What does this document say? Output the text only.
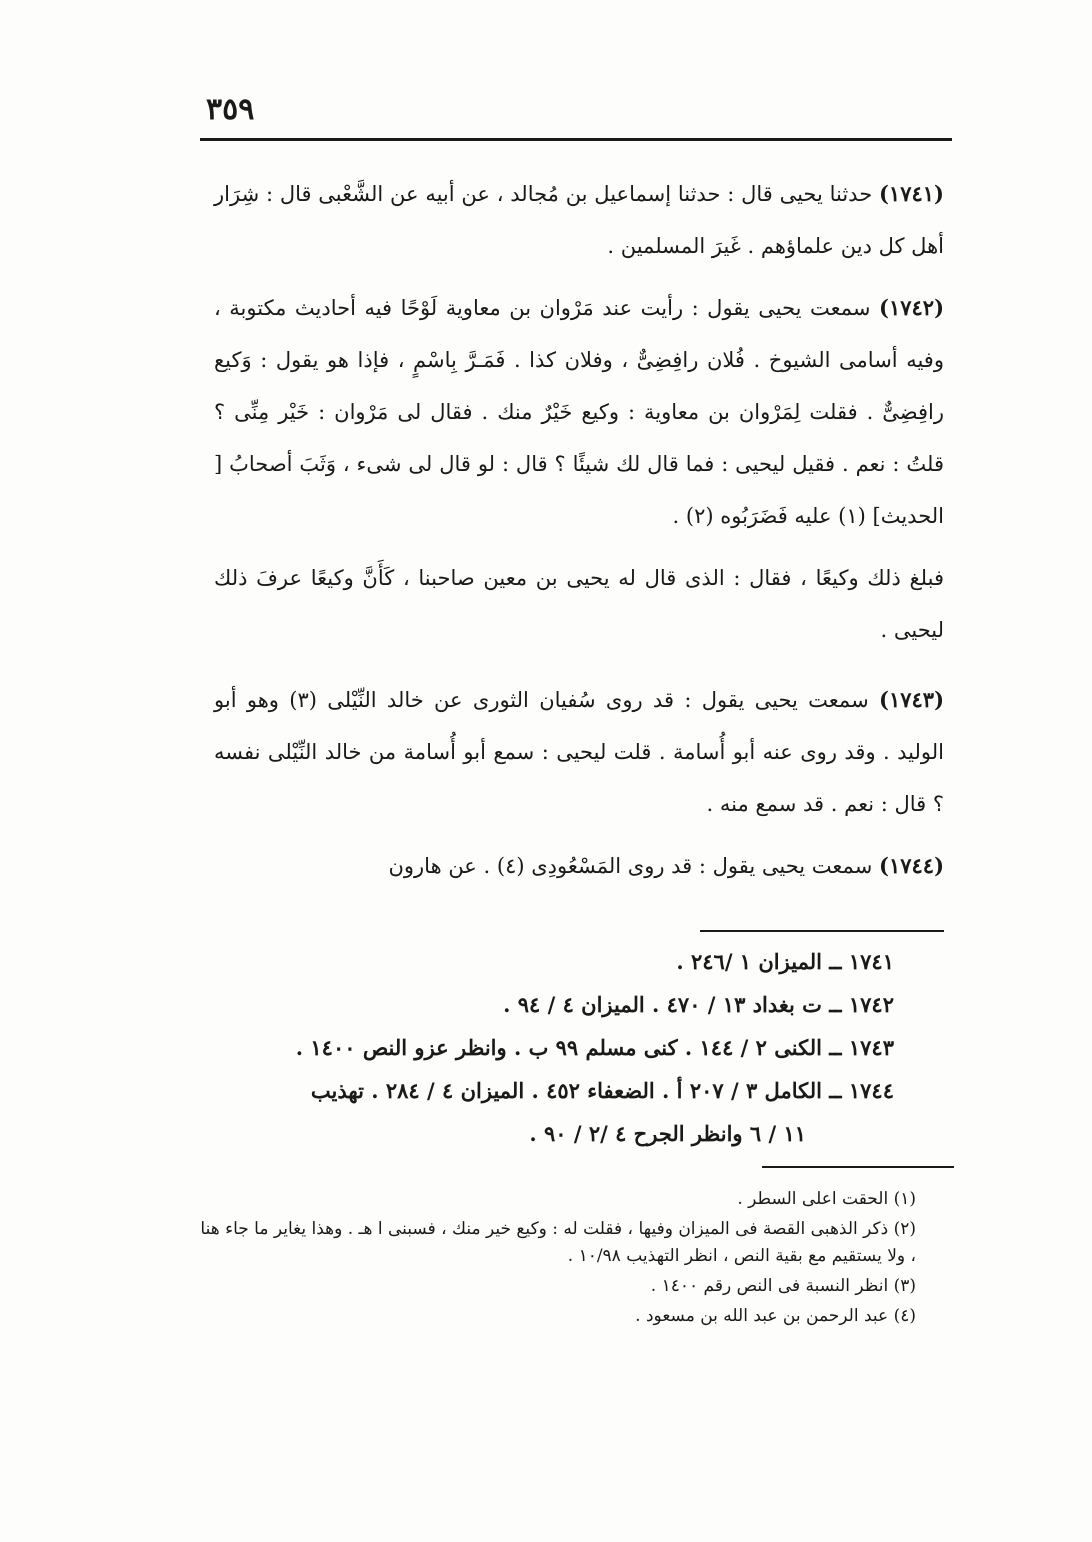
٣٥٩

(١٧٤١) حدثنا يحيى قال : حدثنا إسماعيل بن مُجالد ، عن أبيه عن الشَّعْبى قال : شِرَار أهل كل دين علماؤهم . غَيرَ المسلمين .

(١٧٤٢) سمعت يحيى يقول : رأيت عند مَرْوان بن معاوية لَوْحًا فيه أحاديث مكتوبة ، وفيه أسامى الشيوخ . فُلان رافِضِىٌّ ، وفلان كذا . فَمَـرَّ بِاسْمٍ ، فإذا هو يقول : وَكيع رافِضِىٌّ . فقلت لِمَرْوان بن معاوية : وكيع خَيْرٌ منك . فقال لى مَرْوان : خَيْر مِنِّى ؟ قلتُ : نعم . فقيل ليحيى : فما قال لك شيئًا ؟ قال : لو قال لى شىء ، وَثَبَ أصحابُ [ الحديث] (١) عليه فَضَرَبُوه (٢) .

فبلغ ذلك وكيعًا ، فقال : الذى قال له يحيى بن معين صاحبنا ، كَأَنَّ وكيعًا عرفَ ذلك ليحيى .

(١٧٤٣) سمعت يحيى يقول : قد روى سُفيان الثورى عن خالد النِّيْلى (٣) وهو أبو الوليد . وقد روى عنه أبو أُسامة . قلت ليحيى : سمع أبو أُسامة من خالد النِّيْلى نفسه ؟ قال : نعم . قد سمع منه .

(١٧٤٤) سمعت يحيى يقول : قد روى المَسْعُودِى (٤) . عن هارون

١٧٤١ ــ الميزان ١ /٢٤٦ .
١٧٤٢ ــ ت بغداد ١٣ / ٤٧٠ . الميزان ٤ / ٩٤ .
١٧٤٣ ــ الكنى ٢ / ١٤٤ . كنى مسلم ٩٩ ب . وانظر عزو النص ١٤٠٠ .
١٧٤٤ ــ الكامل ٣ / ٢٠٧ أ . الضعفاء ٤٥٢ . الميزان ٤ / ٢٨٤ . تهذيب
١١ / ٦ وانظر الجرح ٤ /٢ / ٩٠ .
(١) الحقت اعلى السطر .
(٢) ذكر الذهبى القصة فى الميزان وفيها ، فقلت له : وكيع خير منك ، فسبنى ا هـ . وهذا يغاير ما جاء هنا ، ولا يستقيم مع بقية النص ، انظر التهذيب ١٠/٩٨ .
(٣) انظر النسبة فى النص رقم ١٤٠٠ .
(٤) عبد الرحمن بن عبد الله بن مسعود .
